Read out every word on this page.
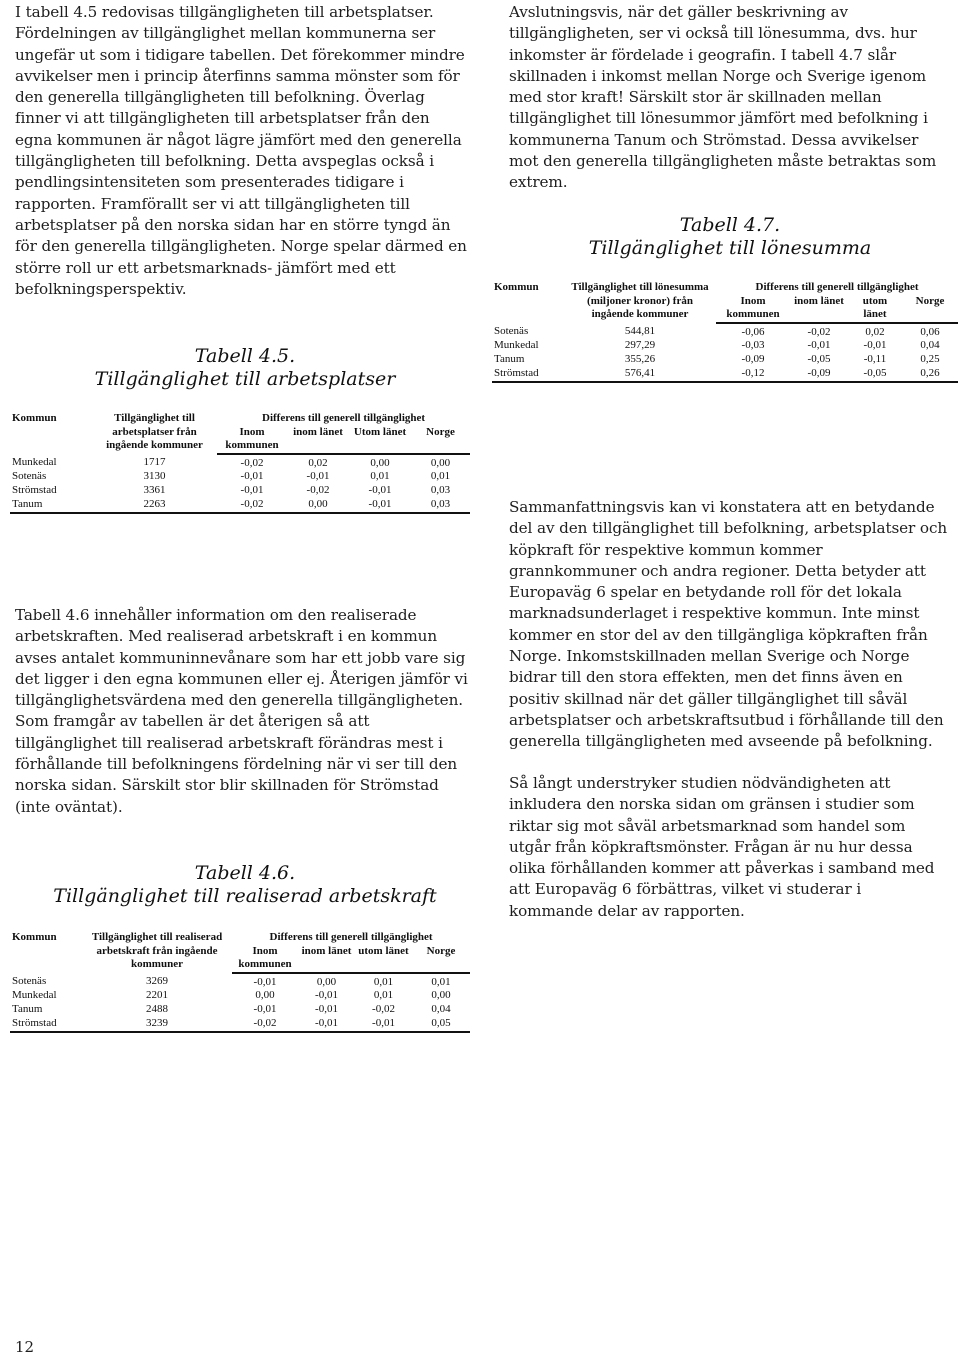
I tabell 4.5 redovisas tillgängligheten till arbetsplatser. Fördelningen av tillgänglighet mellan kommunerna ser ungefär ut som i tidigare tabellen. Det förekommer mindre avvikelser men i princip återfinns samma mönster som för den generella tillgängligheten till befolkning. Överlag finner vi att tillgängligheten till arbetsplatser från den egna kommunen är något lägre jämfört med den generella tillgängligheten till befolkning. Detta avspeglas också i pendlingsintensiteten som presenterades tidigare i rapporten. Framförallt ser vi att tillgängligheten till arbetsplatser på den norska sidan har en större tyngd än för den generella tillgängligheten. Norge spelar därmed en större roll ur ett arbetsmarknads- jämfört med ett befolkningsperspektiv.

Tabell 4.5.
Tillgänglighet till arbetsplatser
Kommun	Tillgänglighet till arbetsplatser från ingående kommuner	Differens till generell tillgänglighet			
		Inom kommunen	inom länet	Utom länet	Norge
Munkedal	1717	-0,02	0,02	0,00	0,00
Sotenäs	3130	-0,01	-0,01	0,01	0,01
Strömstad	3361	-0,01	-0,02	-0,01	0,03
Tanum	2263	-0,02	0,00	-0,01	0,03

Tabell 4.6 innehåller information om den realiserade arbetskraften. Med realiserad arbetskraft i en kommun avses antalet kommuninnevånare som har ett jobb vare sig det ligger i den egna kommunen eller ej. Återigen jämför vi tillgänglighetsvärdena med den generella tillgängligheten. Som framgår av tabellen är det återigen så att tillgänglighet till realiserad arbetskraft förändras mest i förhållande till befolkningens fördelning när vi ser till den norska sidan. Särskilt stor blir skillnaden för Strömstad (inte oväntat).

Tabell 4.6.
Tillgänglighet till realiserad arbetskraft
Kommun	Tillgänglighet till realiserad arbetskraft från ingående kommuner	Differens till generell tillgänglighet			
		Inom kommunen	inom länet	utom länet	Norge
Sotenäs	3269	-0,01	0,00	0,01	0,01
Munkedal	2201	0,00	-0,01	0,01	0,00
Tanum	2488	-0,01	-0,01	-0,02	0,04
Strömstad	3239	-0,02	-0,01	-0,01	0,05

Avslutningsvis, när det gäller beskrivning av tillgängligheten, ser vi också till lönesumma, dvs. hur inkomster är fördelade i geografin. I tabell 4.7 slår skillnaden i inkomst mellan Norge och Sverige igenom med stor kraft! Särskilt stor är skillnaden mellan tillgänglighet till lönesummor jämfört med befolkning i kommunerna Tanum och Strömstad. Dessa avvikelser mot den generella tillgängligheten måste betraktas som extrem.

Tabell 4.7.
Tillgänglighet till lönesumma
Kommun	Tillgänglighet till lönesumma (miljoner kronor) från ingående kommuner	Differens till generell tillgänglighet			
		Inom kommunen	inom länet	utom länet	Norge
Sotenäs	544,81	-0,06	-0,02	0,02	0,06
Munkedal	297,29	-0,03	-0,01	-0,01	0,04
Tanum	355,26	-0,09	-0,05	-0,11	0,25
Strömstad	576,41	-0,12	-0,09	-0,05	0,26

Sammanfattningsvis kan vi konstatera att en betydande del av den tillgänglighet till befolkning, arbetsplatser och köpkraft för respektive kommun kommer grannkommuner och andra regioner. Detta betyder att Europaväg 6 spelar en betydande roll för det lokala marknadsunderlaget i respektive kommun. Inte minst kommer en stor del av den tillgängliga köpkraften från Norge. Inkomstskillnaden mellan Sverige och Norge bidrar till den stora effekten, men det finns även en positiv skillnad när det gäller tillgänglighet till såväl arbetsplatser och arbetskraftsutbud i förhållande till den generella tillgängligheten med avseende på befolkning.

Så långt understryker studien nödvändigheten att inkludera den norska sidan om gränsen i studier som riktar sig mot såväl arbetsmarknad som handel som utgår från köpkraftsmönster. Frågan är nu hur dessa olika förhållanden kommer att påverkas i samband med att Europaväg 6 förbättras, vilket vi studerar i kommande delar av rapporten.

12
